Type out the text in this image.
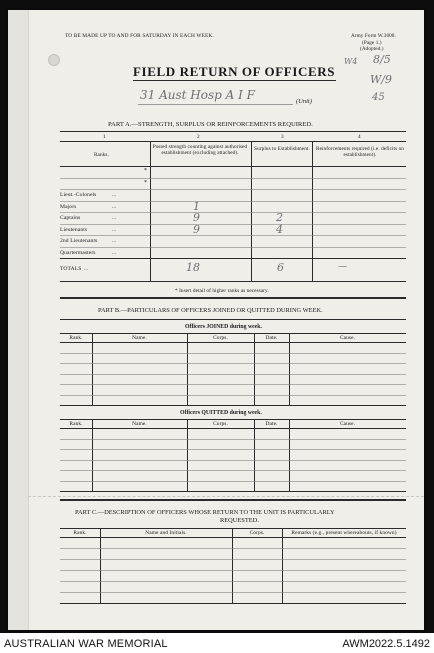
TO BE MADE UP TO AND FOR SATURDAY IN EACH WEEK.	Army Form W.3008.
(Page 1.)
(Adopted.)
W4 8/5
W/9
45
FIELD RETURN OF OFFICERS
31 Aust Hosp A I F	(Unit)
PART A.—STRENGTH, SURPLUS OR REINFORCEMENTS REQUIRED.
1	2	3	4
Ranks.
Posted strength counting against authorised establishment (excluding attached).
Surplus to Establishment. Reinforcements required (i.e. deficits on establishment).
*
*
Lieut.-Colonels	...
Majors	...	1
Captains	...	9	2
Lieutenants	...	9	4
2nd Lieutenants	...
Quartermasters	...
TOTALS ...	18	6	—
* Insert detail of higher ranks as necessary.
PART B.—PARTICULARS OF OFFICERS JOINED OR QUITTED DURING WEEK.
Officers JOINED during week.
Rank.	Name.	Corps.	Date.	Cause.
Officers QUITTED during week.
Rank.	Name.	Corps.	Date.	Cause.
PART C.—DESCRIPTION OF OFFICERS WHOSE RETURN TO THE UNIT IS PARTICULARLY
REQUESTED.
Rank.	Name and Initials.	Corps.	Remarks (e.g., present whereabouts, if known)
AUSTRALIAN WAR MEMORIAL	AWM2022.5.1492
